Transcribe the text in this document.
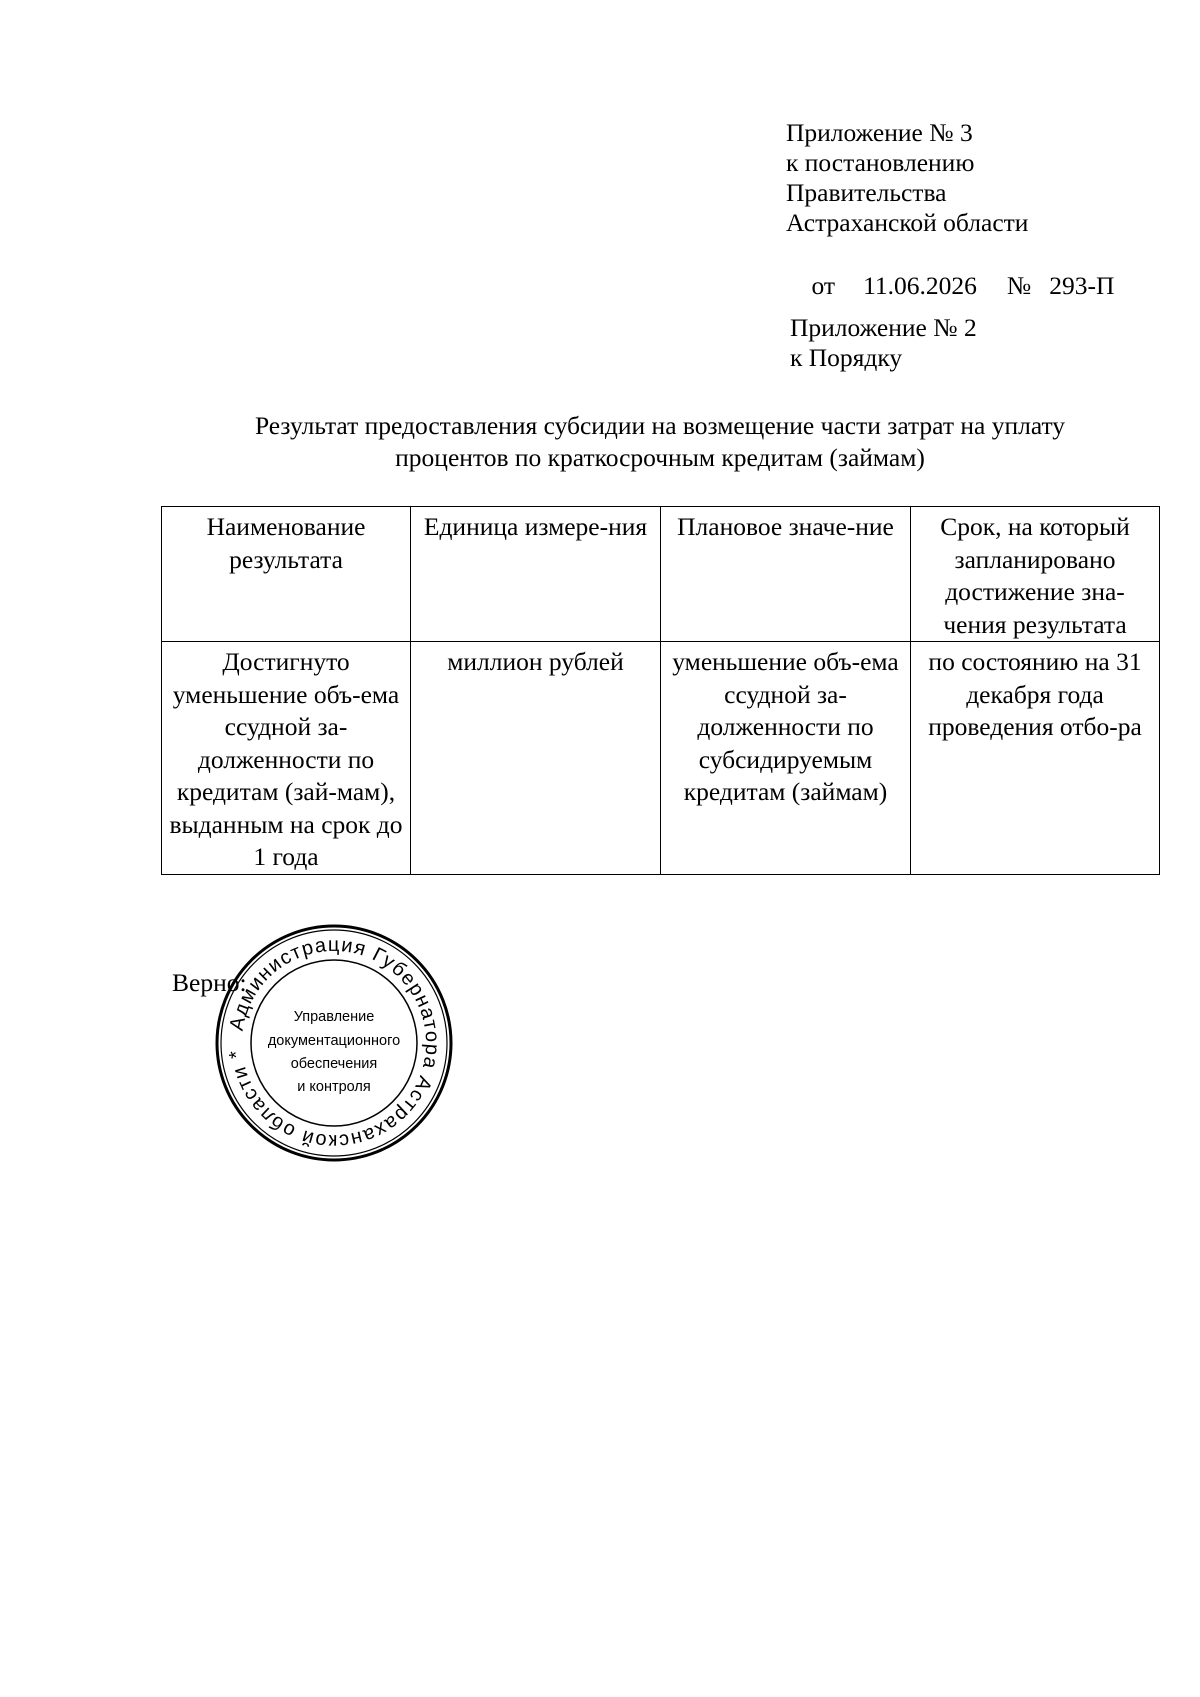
Приложение № 3
к постановлению
Правительства
Астраханской области

от 11.06.2026 № 293-П

Приложение № 2
к Порядку
Результат предоставления субсидии на возмещение части затрат на уплату
процентов по краткосрочным кредитам (займам)
Наименование результата	Единица измере-ния	Плановое значе-ние	Срок, на который запланировано достижение зна-чения результата
Достигнуто уменьшение объ-ема ссудной за-долженности по кредитам (зай-мам), выданным на срок до 1 года	миллион рублей	уменьшение объ-ема ссудной за-долженности по субсидируемым кредитам (займам)	по состоянию на 31 декабря года проведения отбо-ра
Верно:
Администрация Губернатора Астраханской области *
Управление
документационного
обеспечения
и контроля
